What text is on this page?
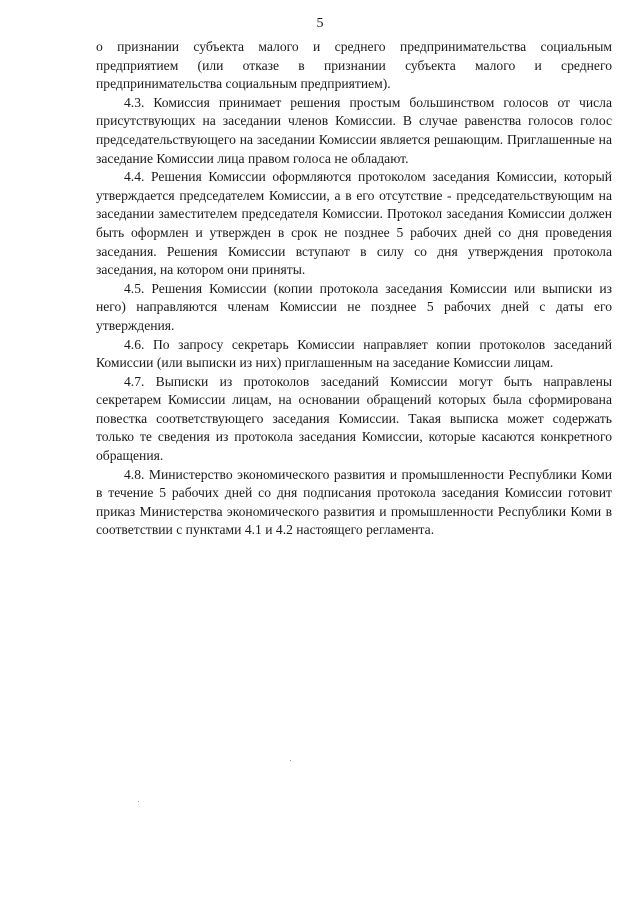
5

о признании субъекта малого и среднего предпринимательства социальным предприятием (или отказе в признании субъекта малого и среднего предпринимательства социальным предприятием).

4.3. Комиссия принимает решения простым большинством голосов от числа присутствующих на заседании членов Комиссии. В случае равенства голосов голос председательствующего на заседании Комиссии является решающим. Приглашенные на заседание Комиссии лица правом голоса не обладают.

4.4. Решения Комиссии оформляются протоколом заседания Комиссии, который утверждается председателем Комиссии, а в его отсутствие - председательствующим на заседании заместителем председателя Комиссии. Протокол заседания Комиссии должен быть оформлен и утвержден в срок не позднее 5 рабочих дней со дня проведения заседания. Решения Комиссии вступают в силу со дня утверждения протокола заседания, на котором они приняты.

4.5. Решения Комиссии (копии протокола заседания Комиссии или выписки из него) направляются членам Комиссии не позднее 5 рабочих дней с даты его утверждения.

4.6. По запросу секретарь Комиссии направляет копии протоколов заседаний Комиссии (или выписки из них) приглашенным на заседание Комиссии лицам.

4.7. Выписки из протоколов заседаний Комиссии могут быть направлены секретарем Комиссии лицам, на основании обращений которых была сформирована повестка соответствующего заседания Комиссии. Такая выписка может содержать только те сведения из протокола заседания Комиссии, которые касаются конкретного обращения.

4.8. Министерство экономического развития и промышленности Республики Коми в течение 5 рабочих дней со дня подписания протокола заседания Комиссии готовит приказ Министерства экономического развития и промышленности Республики Коми в соответствии с пунктами 4.1 и 4.2 настоящего регламента.
